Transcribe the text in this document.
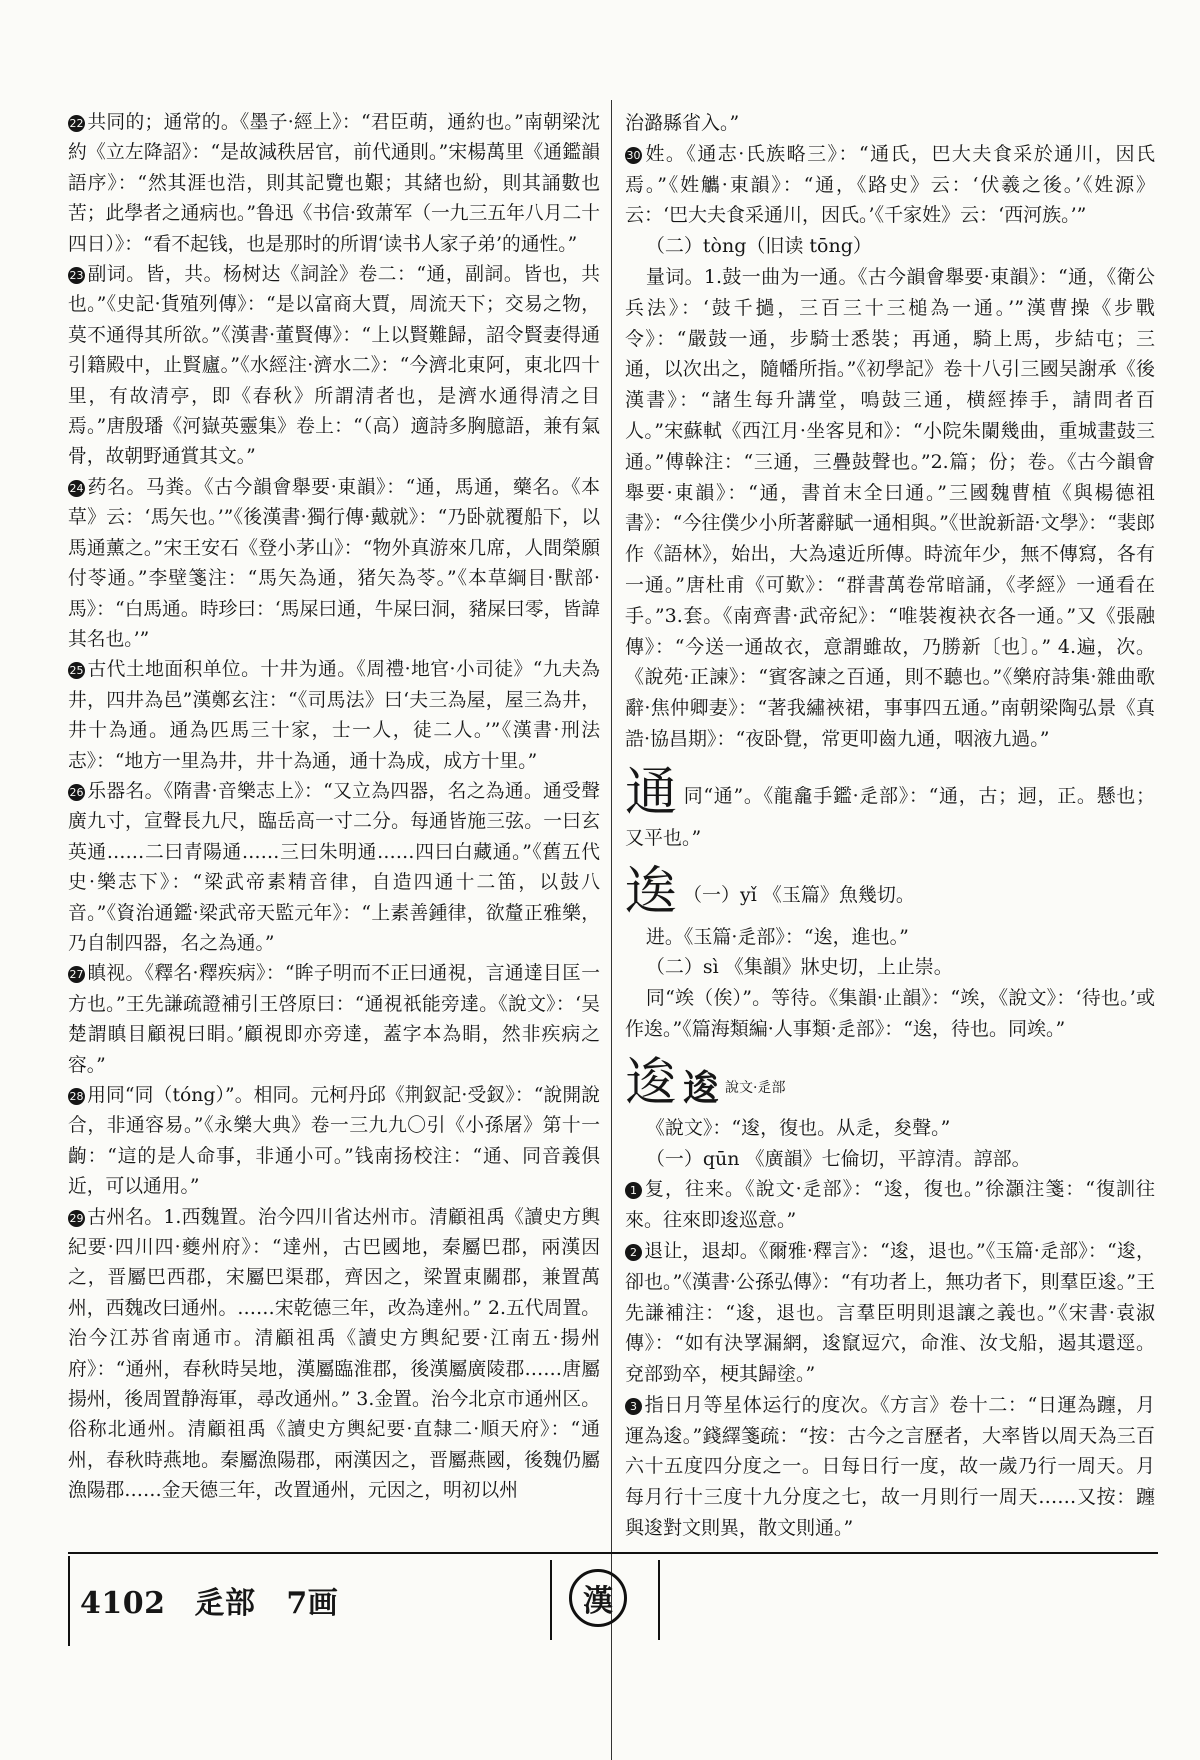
22 共同的；通常的。《墨子·經上》：“君臣萌，通約也。”南朝梁沈約《立左降詔》：“是故減秩居官，前代通則。”宋楊萬里《通鑑韻語序》：“然其涯也浩，則其記覽也艱；其緒也紛，則其誦數也苦；此學者之通病也。”鲁迅《书信·致萧军（一九三五年八月二十四日）》：“看不起钱，也是那时的所谓‘读书人家子弟’的通性。”

23 副词。皆，共。杨树达《詞詮》卷二：“通，副詞。皆也，共也。”《史記·貨殖列傳》：“是以富商大賈，周流天下；交易之物，莫不通得其所欲。”《漢書·董賢傳》：“上以賢難歸，詔令賢妻得通引籍殿中，止賢廬。”《水經注·濟水二》：“今濟北東阿，東北四十里，有故清亭，即《春秋》所謂清者也，是濟水通得清之目焉。”唐殷璠《河嶽英靈集》卷上：“（高）適詩多胸臆語，兼有氣骨，故朝野通賞其文。”

24 药名。马粪。《古今韻會舉要·東韻》：“通，馬通，藥名。《本草》云：‘馬矢也。’”《後漢書·獨行傳·戴就》：“乃卧就覆船下，以馬通薰之。”宋王安石《登小茅山》：“物外真游來几席，人間榮願付苓通。”李壁箋注：“馬矢為通，猪矢為苓。”《本草綱目·獸部·馬》：“白馬通。時珍曰：‘馬屎曰通，牛屎曰洞，豬屎曰零，皆諱其名也。’”

25 古代土地面积单位。十井为通。《周禮·地官·小司徒》“九夫為井，四井為邑”漢鄭玄注：“《司馬法》曰‘夫三為屋，屋三為井，井十為通。通為匹馬三十家，士一人，徒二人。’”《漢書·刑法志》：“地方一里為井，井十為通，通十為成，成方十里。”

26 乐器名。《隋書·音樂志上》：“又立為四器，名之為通。通受聲廣九寸，宣聲長九尺，臨岳高一寸二分。每通皆施三弦。一曰玄英通……二曰青陽通……三曰朱明通……四曰白藏通。”《舊五代史·樂志下》：“梁武帝素精音律，自造四通十二笛，以鼓八音。”《資治通鑑·梁武帝天監元年》：“上素善鍾律，欲釐正雅樂，乃自制四器，名之為通。”

27 瞋视。《釋名·釋疾病》：“眸子明而不正曰通視，言通達目匡一方也。”王先謙疏證補引王啓原曰：“通視祇能旁達。《說文》：‘吴楚謂瞋目顧視曰睊。’顧視即亦旁達，蓋字本為睊，然非疾病之容。”

28 用同“同（tóng）”。相同。元柯丹邱《荆釵記·受釵》：“說開說合，非通容易。”《永樂大典》卷一三九九〇引《小孫屠》第十一齣：“這的是人命事，非通小可。”钱南扬校注：“通、同音義俱近，可以通用。”

29 古州名。1.西魏置。治今四川省达州市。清顧祖禹《讀史方輿紀要·四川四·夔州府》：“達州，古巴國地，秦屬巴郡，兩漢因之，晋屬巴西郡，宋屬巴渠郡，齊因之，梁置東關郡，兼置萬州，西魏改曰通州。……宋乾德三年，改為達州。” 2.五代周置。治今江苏省南通市。清顧祖禹《讀史方輿紀要·江南五·揚州府》：“通州，春秋時吴地，漢屬臨淮郡，後漢屬廣陵郡……唐屬揚州，後周置静海軍，尋改通州。” 3.金置。治今北京市通州区。俗称北通州。清顧祖禹《讀史方輿紀要·直隸二·順天府》：“通州，春秋時燕地。秦屬漁陽郡，兩漢因之，晋屬燕國，後魏仍屬漁陽郡……金天德三年，改置通州，元因之，明初以州

治潞縣省入。”

30 姓。《通志·氏族略三》：“通氏，巴大夫食采於通川，因氏焉。”《姓觿·東韻》：“通，《路史》云：‘伏羲之後。’《姓源》云：‘巴大夫食采通川，因氏。’《千家姓》云：‘西河族。’”

（二）tòng（旧读 tōng）

量词。1.鼓一曲为一通。《古今韻會舉要·東韻》：“通，《衛公兵法》：‘鼓千撾，三百三十三槌為一通。’”漢曹操《步戰令》：“嚴鼓一通，步騎士悉裝；再通，騎上馬，步結屯；三通，以次出之，隨幡所指。”《初學記》卷十八引三國吴謝承《後漢書》：“諸生每升講堂，鳴鼓三通，横經捧手，請問者百人。”宋蘇軾《西江月·坐客見和》：“小院朱闌幾曲，重城畫鼓三通。”傅榦注：“三通，三疊鼓聲也。”2.篇；份；卷。《古今韻會舉要·東韻》：“通，書首末全曰通。”三國魏曹植《與楊德祖書》：“今往僕少小所著辭賦一通相與。”《世說新語·文學》：“裴郎作《語林》，始出，大為遠近所傳。時流年少，無不傳寫，各有一通。”唐杜甫《可歎》：“群書萬卷常暗誦，《孝經》一通看在手。”3.套。《南齊書·武帝紀》：“唯裝複袂衣各一通。”又《張融傳》：“今送一通故衣，意謂雖故，乃勝新〔也〕。” 4.遍，次。《說苑·正諫》：“賓客諫之百通，則不聽也。”《樂府詩集·雜曲歌辭·焦仲卿妻》：“著我繡裌裙，事事四五通。”南朝梁陶弘景《真誥·協昌期》：“夜卧覺，常更叩齒九通，咽液九過。”

通同“通”。《龍龕手鑑·辵部》：“通，古；迵，正。懸也；又平也。”

逘 （一）yǐ 《玉篇》魚幾切。

进。《玉篇·辵部》：“逘，進也。”

（二）sì 《集韻》牀史切，上止崇。

同“竢（俟）”。等待。《集韻·止韻》：“竢，《說文》：‘待也。’或作逘。”《篇海類編·人事類·辵部》：“逘，待也。同竢。”

逡 逡 說文·辵部

《說文》：“逡，復也。从辵，夋聲。”

（一）qūn 《廣韻》七倫切，平諄清。諄部。

1 复，往来。《說文·辵部》：“逡，復也。”徐灝注箋：“復訓往來。往來即逡巡意。”

2 退让，退却。《爾雅·釋言》：“逡，退也。”《玉篇·辵部》：“逡，卻也。”《漢書·公孫弘傳》：“有功者上，無功者下，則羣臣逡。”王先謙補注：“逡，退也。言羣臣明則退讓之義也。”《宋書·袁淑傳》：“如有決罦漏網，逡竄逗穴，命淮、汝戈船，遏其還逕。兗部勁卒，梗其歸塗。”

3 指日月等星体运行的度次。《方言》卷十二：“日運為躔，月運為逡。”錢繹箋疏：“按：古今之言歷者，大率皆以周天為三百六十五度四分度之一。日每日行一度，故一歲乃行一周天。月每月行十三度十九分度之七，故一月則行一周天……又按：躔與逡對文則異，散文則通。”

4102 辵部 7画	漢
